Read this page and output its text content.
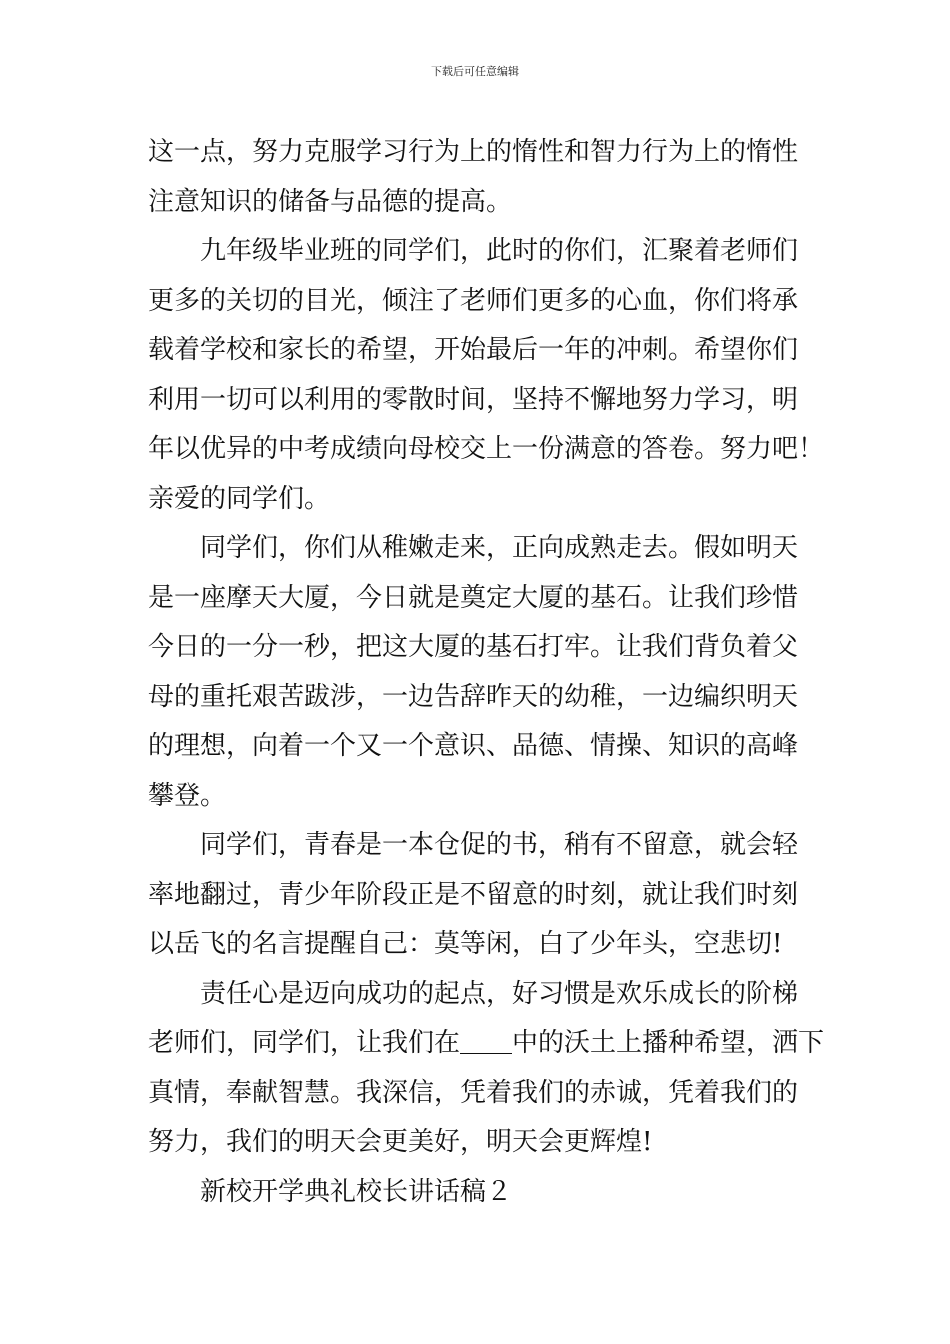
下载后可任意编辑
这一点，努力克服学习行为上的惰性和智力行为上的惰性
注意知识的储备与品德的提高。
九年级毕业班的同学们，此时的你们，汇聚着老师们
更多的关切的目光，倾注了老师们更多的心血，你们将承
载着学校和家长的希望，开始最后一年的冲刺。希望你们
利用一切可以利用的零散时间，坚持不懈地努力学习，明
年以优异的中考成绩向母校交上一份满意的答卷。努力吧！
亲爱的同学们。
同学们，你们从稚嫩走来，正向成熟走去。假如明天
是一座摩天大厦，今日就是奠定大厦的基石。让我们珍惜
今日的一分一秒，把这大厦的基石打牢。让我们背负着父
母的重托艰苦跋涉，一边告辞昨天的幼稚，一边编织明天
的理想，向着一个又一个意识、品德、情操、知识的高峰
攀登。
同学们，青春是一本仓促的书，稍有不留意，就会轻
率地翻过，青少年阶段正是不留意的时刻，就让我们时刻
以岳飞的名言提醒自己：莫等闲，白了少年头，空悲切!
责任心是迈向成功的起点，好习惯是欢乐成长的阶梯
老师们，同学们，让我们在＿＿中的沃土上播种希望，洒下
真情，奉献智慧。我深信，凭着我们的赤诚，凭着我们的
努力，我们的明天会更美好，明天会更辉煌!
新校开学典礼校长讲话稿２
